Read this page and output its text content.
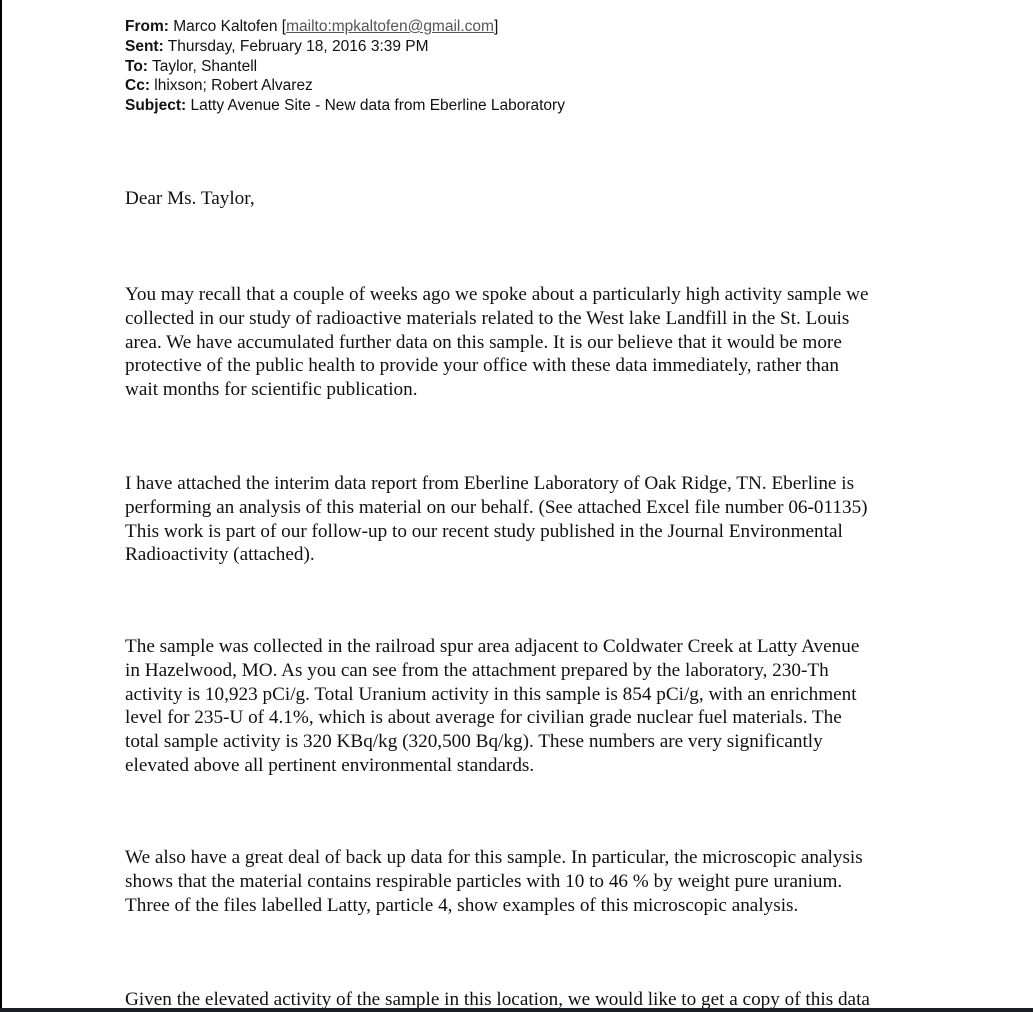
From: Marco Kaltofen [mailto:mpkaltofen@gmail.com]
Sent: Thursday, February 18, 2016 3:39 PM
To: Taylor, Shantell
Cc: lhixson; Robert Alvarez
Subject: Latty Avenue Site - New data from Eberline Laboratory
Dear Ms. Taylor,
You may recall that a couple of weeks ago we spoke about a particularly high activity sample we
collected in our study of radioactive materials related to the West lake Landfill in the St. Louis
area. We have accumulated further data on this sample. It is our believe that it would be more
protective of the public health to provide your office with these data immediately, rather than
wait months for scientific publication.
I have attached the interim data report from Eberline Laboratory of Oak Ridge, TN. Eberline is
performing an analysis of this material on our behalf. (See attached Excel file number 06-01135)
This work is part of our follow-up to our recent study published in the Journal Environmental
Radioactivity (attached).
The sample was collected in the railroad spur area adjacent to Coldwater Creek at Latty Avenue
in Hazelwood, MO. As you can see from the attachment prepared by the laboratory, 230-Th
activity is 10,923 pCi/g. Total Uranium activity in this sample is 854 pCi/g, with an enrichment
level for 235-U of 4.1%, which is about average for civilian grade nuclear fuel materials. The
total sample activity is 320 KBq/kg (320,500 Bq/kg). These numbers are very significantly
elevated above all pertinent environmental standards.
We also have a great deal of back up data for this sample. In particular, the microscopic analysis
shows that the material contains respirable particles with 10 to 46 % by weight pure uranium.
Three of the files labelled Latty, particle 4, show examples of this microscopic analysis.
Given the elevated activity of the sample in this location, we would like to get a copy of this data
